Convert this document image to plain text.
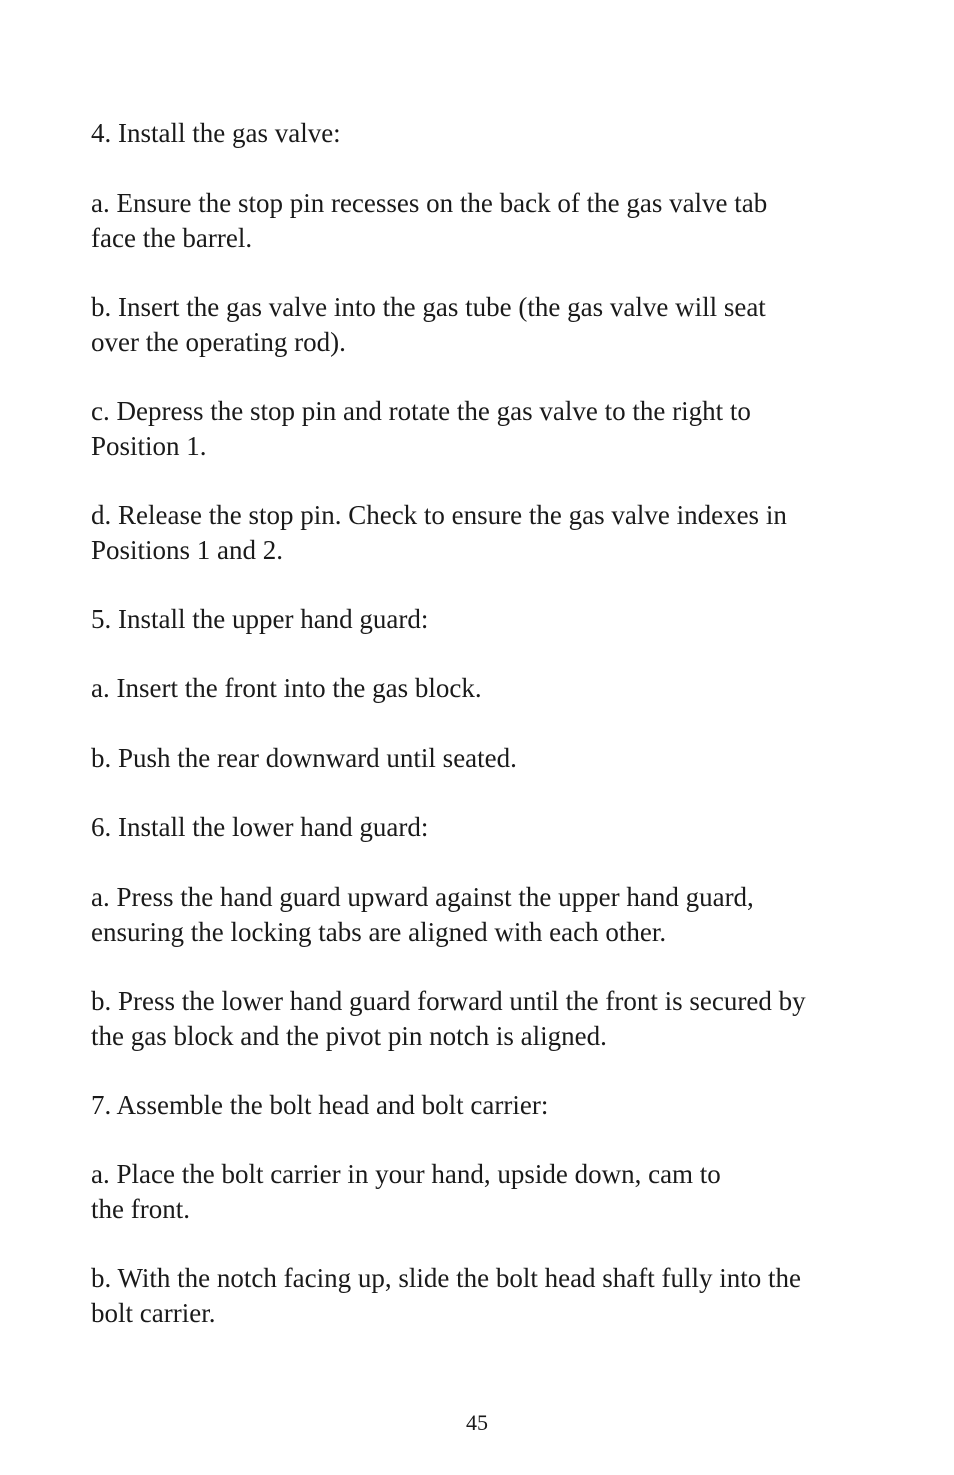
4. Install the gas valve:

a. Ensure the stop pin recesses on the back of the gas valve tab
face the barrel.

b. Insert the gas valve into the gas tube (the gas valve will seat
over the operating rod).

c. Depress the stop pin and rotate the gas valve to the right to
Position 1.

d. Release the stop pin. Check to ensure the gas valve indexes in
Positions 1 and 2.

5. Install the upper hand guard:

a. Insert the front into the gas block.

b. Push the rear downward until seated.

6. Install the lower hand guard:

a. Press the hand guard upward against the upper hand guard,
ensuring the locking tabs are aligned with each other.

b. Press the lower hand guard forward until the front is secured by
the gas block and the pivot pin notch is aligned.

7. Assemble the bolt head and bolt carrier:

a. Place the bolt carrier in your hand, upside down, cam to
the front.

b. With the notch facing up, slide the bolt head shaft fully into the
bolt carrier.

45
